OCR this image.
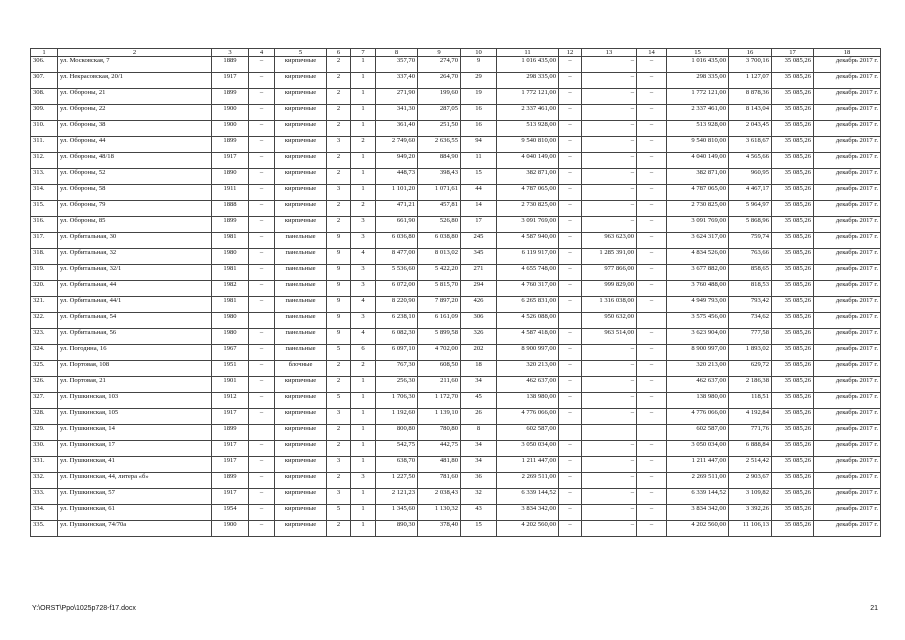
1	2	3	4	5	6	7	8	9	10	11	12	13	14	15	16	17	18
306.	ул. Московская, 7	1889	–	кирпичные	2	1	357,70	274,70	9	1 016 435,00	–	–	–	1 016 435,00	3 700,16	35 085,26	декабрь 2017 г.
307.	ул. Некрасовская, 20/1	1917	–	кирпичные	2	1	337,40	264,70	29	298 335,00	–	–	–	298 335,00	1 127,07	35 085,26	декабрь 2017 г.
308.	ул. Обороны, 21	1899	–	кирпичные	2	1	271,90	199,60	19	1 772 121,00	–	–	–	1 772 121,00	8 878,36	35 085,26	декабрь 2017 г.
309.	ул. Обороны, 22	1900	–	кирпичные	2	1	341,30	287,05	16	2 337 461,00	–	–	–	2 337 461,00	8 143,04	35 085,26	декабрь 2017 г.
310.	ул. Обороны, 38	1900	–	кирпичные	2	1	361,40	251,50	16	513 928,00	–	–	–	513 928,00	2 043,45	35 085,26	декабрь 2017 г.
311.	ул. Обороны, 44	1899	–	кирпичные	3	2	2 749,60	2 636,55	94	9 540 810,00	–	–	–	9 540 810,00	3 618,67	35 085,26	декабрь 2017 г.
312.	ул. Обороны, 48/18	1917	–	кирпичные	2	1	949,20	884,90	11	4 040 149,00	–	–	–	4 040 149,00	4 565,66	35 085,26	декабрь 2017 г.
313.	ул. Обороны, 52	1890	–	кирпичные	2	1	448,73	398,43	15	382 871,00	–	–	–	382 871,00	960,95	35 085,26	декабрь 2017 г.
314.	ул. Обороны, 58	1911	–	кирпичные	3	1	1 101,20	1 071,61	44	4 787 065,00	–	–	–	4 787 065,00	4 467,17	35 085,26	декабрь 2017 г.
315.	ул. Обороны, 79	1888	–	кирпичные	2	2	471,21	457,81	14	2 730 825,00	–	–	–	2 730 825,00	5 964,97	35 085,26	декабрь 2017 г.
316.	ул. Обороны, 85	1899	–	кирпичные	2	3	661,90	526,80	17	3 091 769,00	–	–	–	3 091 769,00	5 868,96	35 085,26	декабрь 2017 г.
317.	ул. Орбитальная, 30	1981	–	панельные	9	3	6 036,80	6 038,80	245	4 587 940,00	–	963 623,00	–	3 624 317,00	759,74	35 085,26	декабрь 2017 г.
318.	ул. Орбитальная, 32	1980	–	панельные	9	4	8 477,00	8 013,02	345	6 119 917,00	–	1 285 391,00	–	4 834 526,00	763,66	35 085,26	декабрь 2017 г.
319.	ул. Орбитальная, 32/1	1981	–	панельные	9	3	5 536,60	5 422,20	271	4 655 748,00	–	977 866,00	–	3 677 882,00	858,65	35 085,26	декабрь 2017 г.
320.	ул. Орбитальная, 44	1982	–	панельные	9	3	6 072,00	5 815,70	294	4 760 317,00	–	999 829,00	–	3 760 488,00	818,53	35 085,26	декабрь 2017 г.
321.	ул. Орбитальная, 44/1	1981	–	панельные	9	4	8 220,90	7 897,20	426	6 265 831,00	–	1 316 038,00	–	4 949 793,00	793,42	35 085,26	декабрь 2017 г.
322.	ул. Орбитальная, 54	1980		панельные	9	3	6 238,10	6 161,09	306	4 526 088,00		950 632,00		3 575 456,00	734,62	35 085,26	декабрь 2017 г.
323.	ул. Орбитальная, 56	1980	–	панельные	9	4	6 082,30	5 899,58	326	4 587 418,00	–	963 514,00	–	3 623 904,00	777,58	35 085,26	декабрь 2017 г.
324.	ул. Погодина, 16	1967	–	панельные	5	6	6 097,10	4 702,00	202	8 900 997,00	–	–	–	8 900 997,00	1 893,02	35 085,26	декабрь 2017 г.
325.	ул. Портовая, 108	1951	–	блочные	2	2	767,30	608,50	18	320 213,00	–	–	–	320 213,00	629,72	35 085,26	декабрь 2017 г.
326.	ул. Портовая, 21	1901	–	кирпичные	2	1	256,30	211,60	34	462 637,00	–	–	–	462 637,00	2 186,38	35 085,26	декабрь 2017 г.
327.	ул. Пушкинская, 103	1912	–	кирпичные	5	1	1 706,30	1 172,70	45	138 980,00	–	–	–	138 980,00	118,51	35 085,26	декабрь 2017 г.
328.	ул. Пушкинская, 105	1917	–	кирпичные	3	1	1 192,60	1 139,10	26	4 776 066,00	–	–	–	4 776 066,00	4 192,84	35 085,26	декабрь 2017 г.
329.	ул. Пушкинская, 14	1899		кирпичные	2	1	800,80	780,80	8	602 587,00				602 587,00	771,76	35 085,26	декабрь 2017 г.
330.	ул. Пушкинская, 17	1917	–	кирпичные	2	1	542,75	442,75	34	3 050 034,00	–	–	–	3 050 034,00	6 888,84	35 085,26	декабрь 2017 г.
331.	ул. Пушкинская, 41	1917	–	кирпичные	3	1	638,70	481,80	34	1 211 447,00	–	–	–	1 211 447,00	2 514,42	35 085,26	декабрь 2017 г.
332.	ул. Пушкинская, 44, литера «б»	1899	–	кирпичные	2	3	1 227,50	781,60	36	2 269 511,00	–	–	–	2 269 511,00	2 903,67	35 085,26	декабрь 2017 г.
333.	ул. Пушкинская, 57	1917	–	кирпичные	3	1	2 121,23	2 038,43	32	6 339 144,52	–	–	–	6 339 144,52	3 109,82	35 085,26	декабрь 2017 г.
334.	ул. Пушкинская, 61	1954	–	кирпичные	5	1	1 345,60	1 130,32	43	3 834 342,00	–	–	–	3 834 342,00	3 392,26	35 085,26	декабрь 2017 г.
335.	ул. Пушкинская, 74/70а	1900	–	кирпичные	2	1	890,30	378,40	15	4 202 560,00	–	–	–	4 202 560,00	11 106,13	35 085,26	декабрь 2017 г.
Y:\ORST\Ppo\1025p728-f17.docx	21
